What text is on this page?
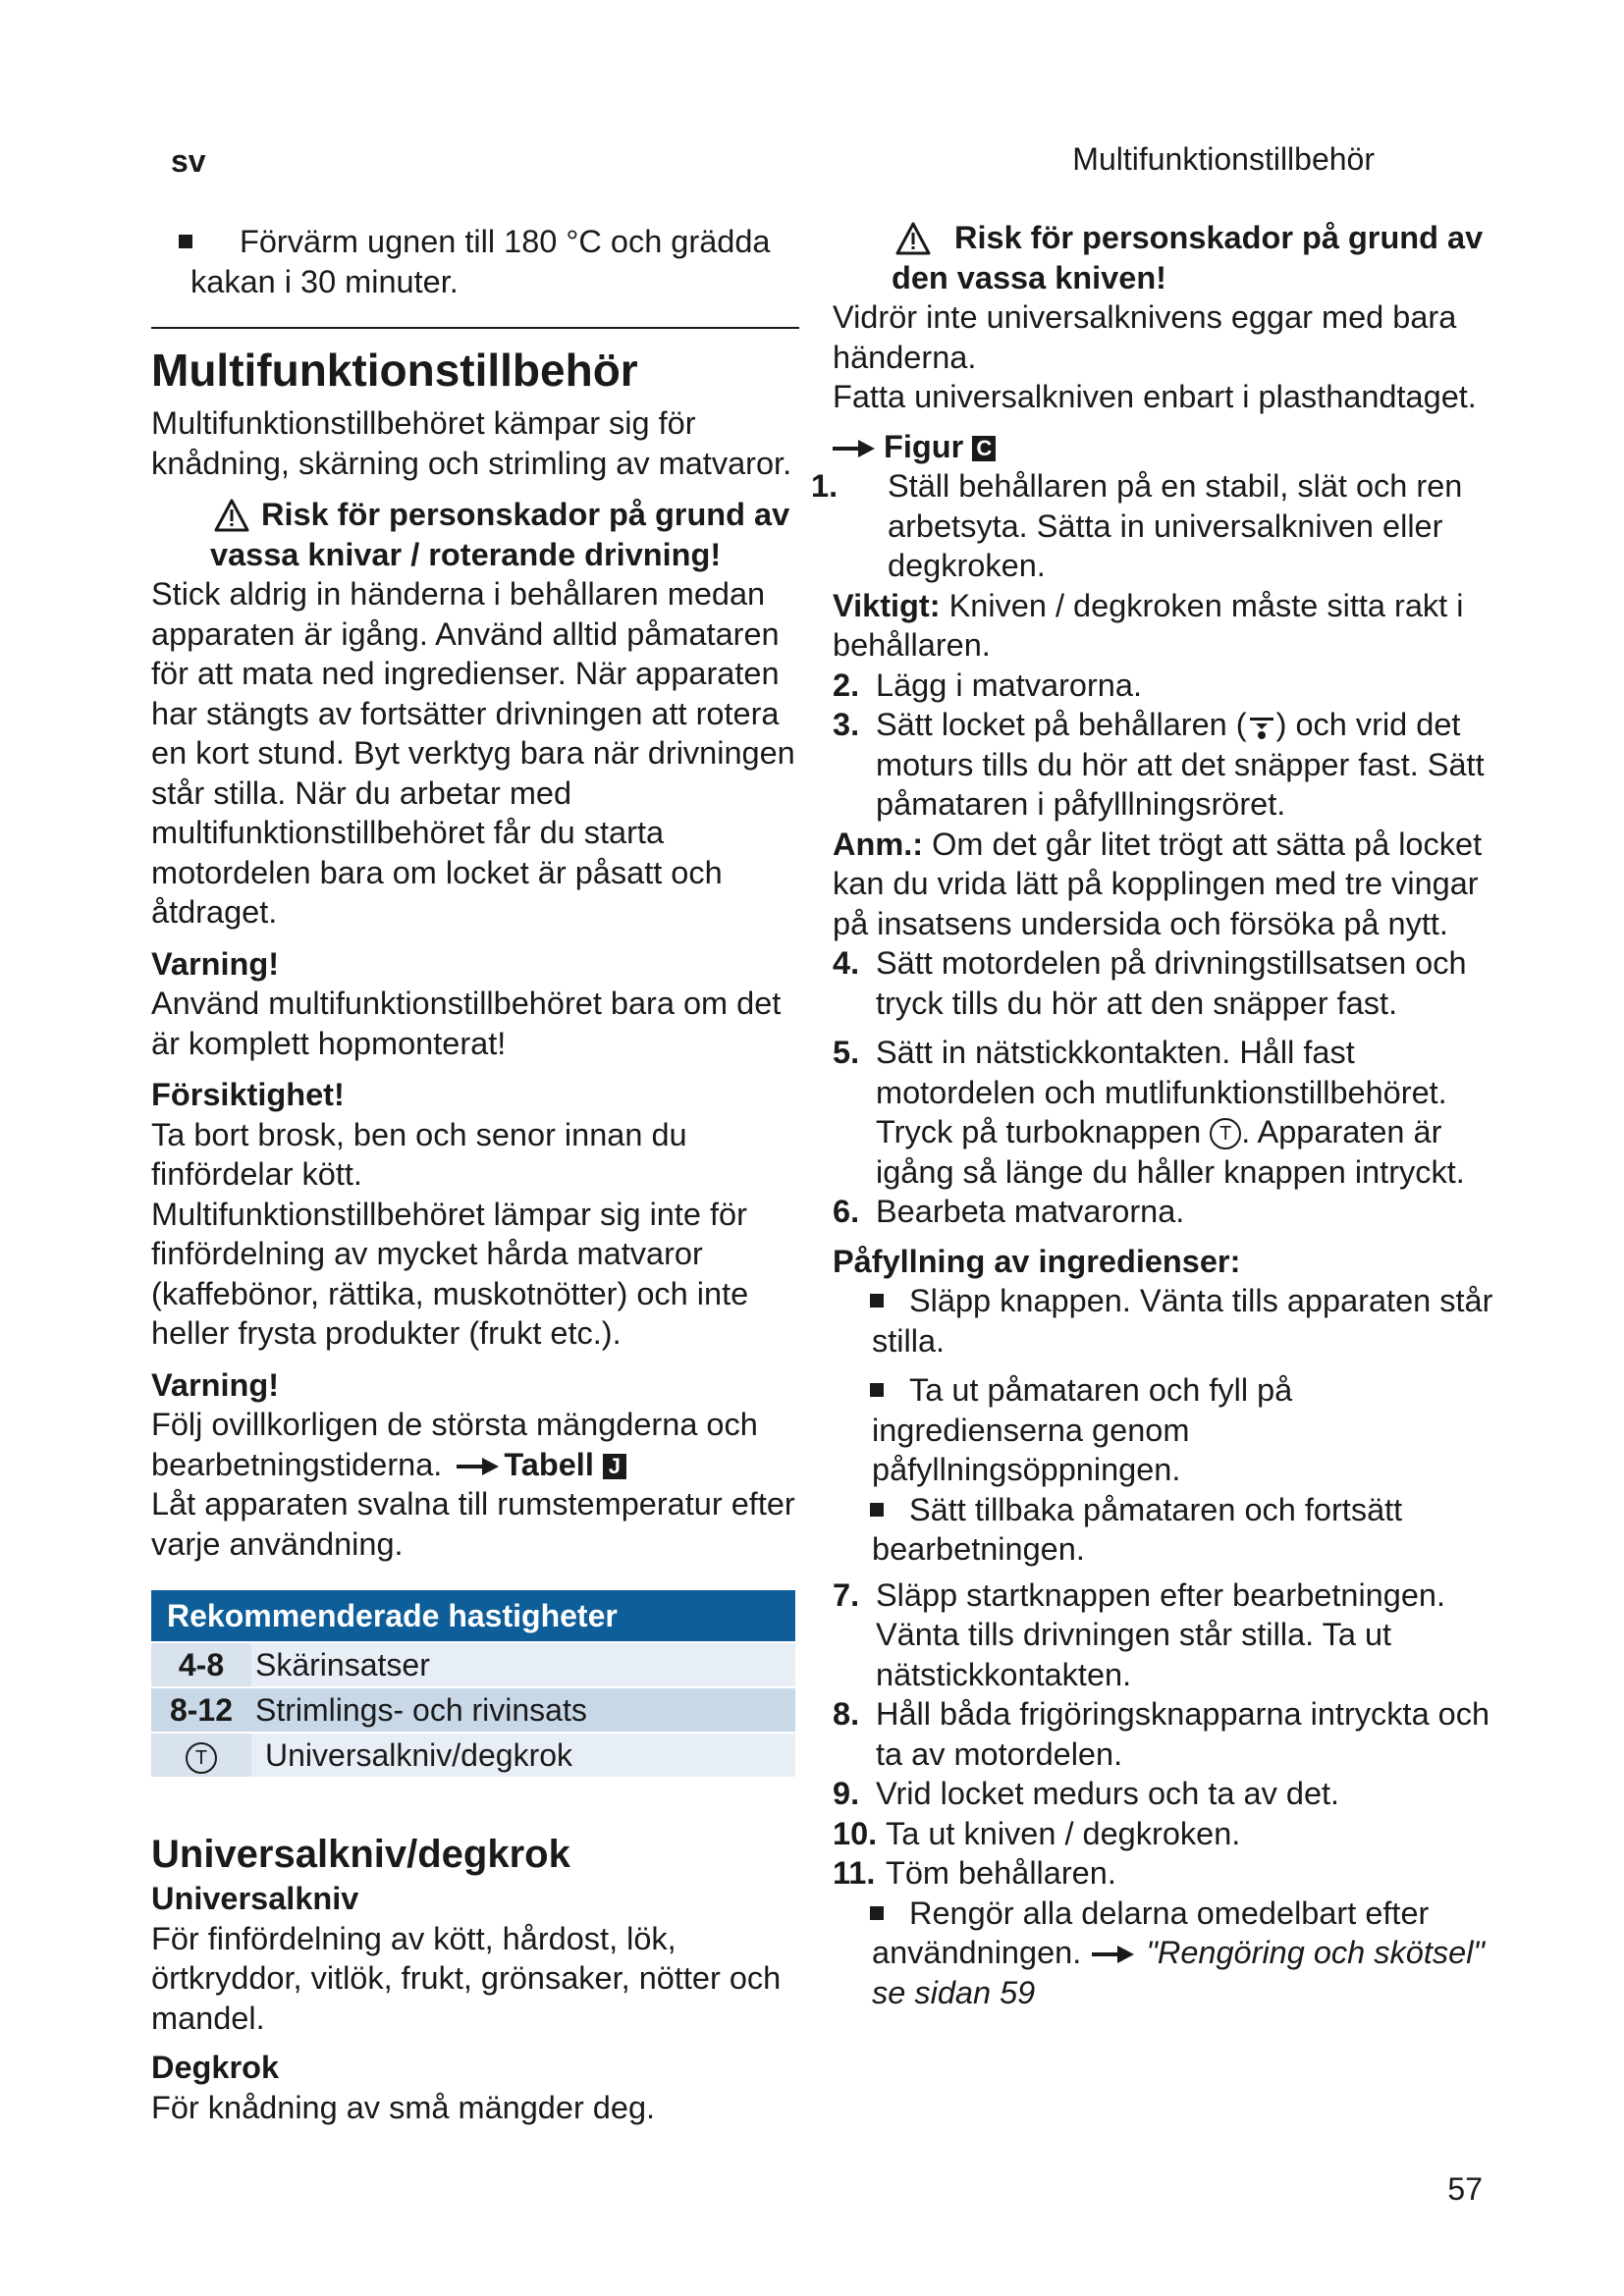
sv	Multifunktionstillbehör
Förvärm ugnen till 180 °C och grädda kakan i 30 minuter.
Multifunktionstillbehör

Multifunktionstillbehöret kämpar sig för knådning, skärning och strimling av matvaror.

Risk för personskador på grund av vassa knivar / roterande drivning!

Stick aldrig in händerna i behållaren medan apparaten är igång. Använd alltid påmataren för att mata ned ingredienser. När apparaten har stängts av fortsätter drivningen att rotera en kort stund. Byt verktyg bara när drivningen står stilla. När du arbetar med multifunktionstillbehöret får du starta motordelen bara om locket är påsatt och åtdraget.

Varning!

Använd multifunktionstillbehöret bara om det är komplett hopmonterat!

Försiktighet!

Ta bort brosk, ben och senor innan du finfördelar kött.

Multifunktionstillbehöret lämpar sig inte för finfördelning av mycket hårda matvaror (kaffebönor, rättika, muskotnötter) och inte heller frysta produkter (frukt etc.).

Varning!

Följ ovillkorligen de största mängderna och bearbetningstiderna. Tabell J

Låt apparaten svalna till rumstemperatur efter varje användning.

Rekommenderade hastigheter
4-8 Skärinsatser
8-12 Strimlings- och rivinsats
T	Universalkniv/degkrok
Universalkniv/degkrok

Universalkniv

För finfördelning av kött, hårdost, lök, örtkryddor, vitlök, frukt, grönsaker, nötter och mandel.

Degkrok

För knådning av små mängder deg.

Risk för personskador på grund av den vassa kniven!

Vidrör inte universalknivens eggar med bara händerna.

Fatta universalkniven enbart i plasthandtaget.

Figur C

1.	Ställ behållaren på en stabil, slät och ren arbetsyta. Sätta in universalkniven eller degkroken.

Viktigt: Kniven / degkroken måste sitta rakt i behållaren.

2. Lägg i matvarorna.
3. Sätt locket på behållaren ( ) och vrid det moturs tills du hör att det snäpper fast. Sätt påmataren i påfylllningsröret.

Anm.: Om det går litet trögt att sätta på locket kan du vrida lätt på kopplingen med tre vingar på insatsens undersida och försöka på nytt.

4. Sätt motordelen på drivningstillsatsen och tryck tills du hör att den snäpper fast.
5. Sätt in nätstickkontakten. Håll fast motordelen och mutlifunktionstillbehöret. Tryck på turboknappen T . Apparaten är igång så länge du håller knappen intryckt.
6. Bearbeta matvarorna.

Påfyllning av ingredienser:

Släpp knappen. Vänta tills apparaten står stilla.
Ta ut påmataren och fyll på ingredienserna genom påfyllningsöppningen.
Sätt tillbaka påmataren och fortsätt bearbetningen.
7. Släpp startknappen efter bearbetningen. Vänta tills drivningen står stilla. Ta ut nätstickkontakten.
8. Håll båda frigöringsknapparna intryckta och ta av motordelen.
9. Vrid locket medurs och ta av det.
10. Ta ut kniven / degkroken.
11. Töm behållaren.
Rengör alla delarna omedelbart efter användningen. "Rengöring och skötsel" se sidan 59
57
